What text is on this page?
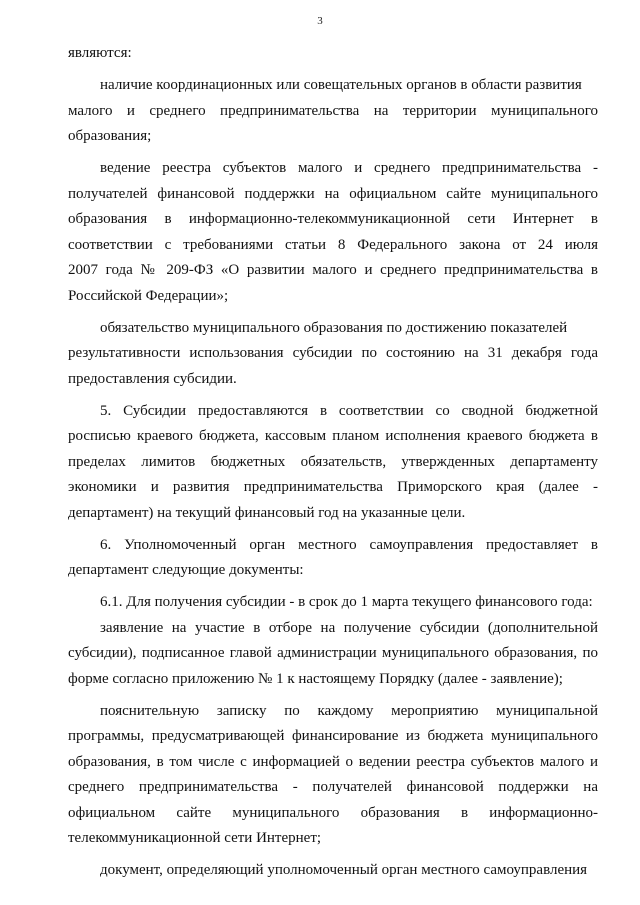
3
являются:
наличие координационных или совещательных органов в области развития
малого и среднего предпринимательства на территории муниципального
образования;
ведение реестра субъектов малого и среднего предпринимательства -
получателей финансовой поддержки на официальном сайте муниципального
образования в информационно-телекоммуникационной сети Интернет в
соответствии с требованиями статьи 8 Федерального закона от 24 июля
2007 года № 209-ФЗ «О развитии малого и среднего предпринимательства в
Российской Федерации»;
обязательство муниципального образования по достижению показателей
результативности использования субсидии по состоянию на 31 декабря года
предоставления субсидии.
5. Субсидии предоставляются в соответствии со сводной бюджетной
росписью краевого бюджета, кассовым планом исполнения краевого бюджета в
пределах лимитов бюджетных обязательств, утвержденных департаменту
экономики и развития предпринимательства Приморского края (далее -
департамент) на текущий финансовый год на указанные цели.
6. Уполномоченный орган местного самоуправления предоставляет в
департамент следующие документы:
6.1. Для получения субсидии - в срок до 1 марта текущего финансового года:
заявление на участие в отборе на получение субсидии (дополнительной
субсидии), подписанное главой администрации муниципального образования, по
форме согласно приложению № 1 к настоящему Порядку (далее - заявление);
пояснительную записку по каждому мероприятию муниципальной
программы, предусматривающей финансирование из бюджета муниципального
образования, в том числе с информацией о ведении реестра субъектов малого и
среднего предпринимательства - получателей финансовой поддержки на
официальном сайте муниципального образования в информационно-
телекоммуникационной сети Интернет;
документ, определяющий уполномоченный орган местного самоуправления
